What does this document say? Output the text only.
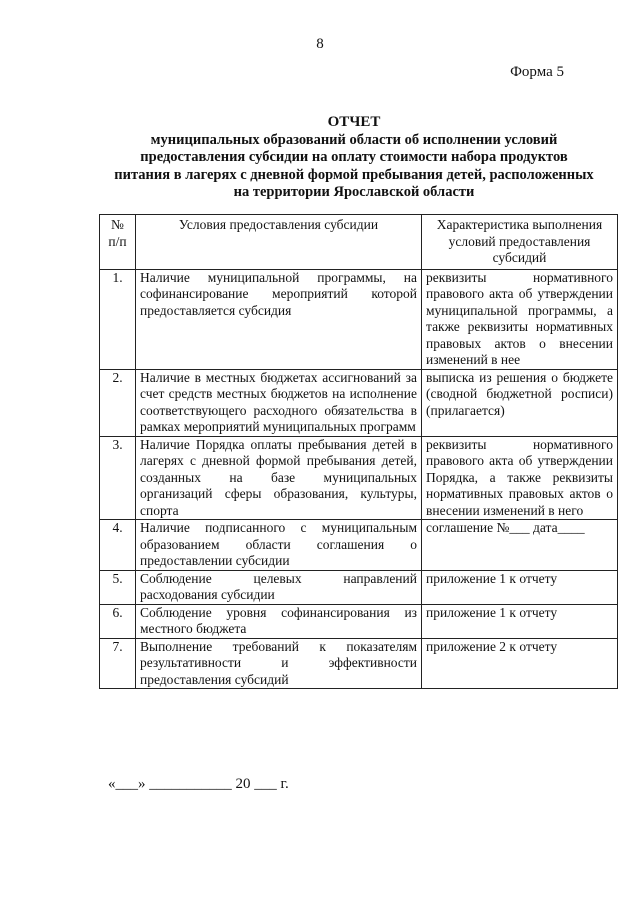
8
Форма 5
ОТЧЕТ
муниципальных образований области об исполнении условий
предоставления субсидии на оплату стоимости набора продуктов
питания в лагерях с дневной формой пребывания детей, расположенных
на территории Ярославской области
№ п/п	Условия предоставления субсидии	Характеристика выполнения условий предоставления субсидий
1.	Наличие муниципальной программы, на софинансирование мероприятий которой предоставляется субсидия	реквизиты нормативного правового акта об утверждении муниципальной программы, а также реквизиты нормативных правовых актов о внесении изменений в нее
2.	Наличие в местных бюджетах ассигнований за счет средств местных бюджетов на исполнение соответствующего расходного обязательства в рамках мероприятий муниципальных программ	выписка из решения о бюджете (сводной бюджетной росписи) (прилагается)
3.	Наличие Порядка оплаты пребывания детей в лагерях с дневной формой пребывания детей, созданных на базе муниципальных организаций сферы образования, культуры, спорта	реквизиты нормативного правового акта об утверждении Порядка, а также реквизиты нормативных правовых актов о внесении изменений в него
4.	Наличие подписанного с муниципальным образованием области соглашения о предоставлении субсидии	соглашение №___ дата____
5.	Соблюдение целевых направлений расходования субсидии	приложение 1 к отчету
6.	Соблюдение уровня софинансирования из местного бюджета	приложение 1 к отчету
7.	Выполнение требований к показателям результативности и эффективности предоставления субсидий	приложение 2 к отчету
«___» ___________ 20 ___ г.
